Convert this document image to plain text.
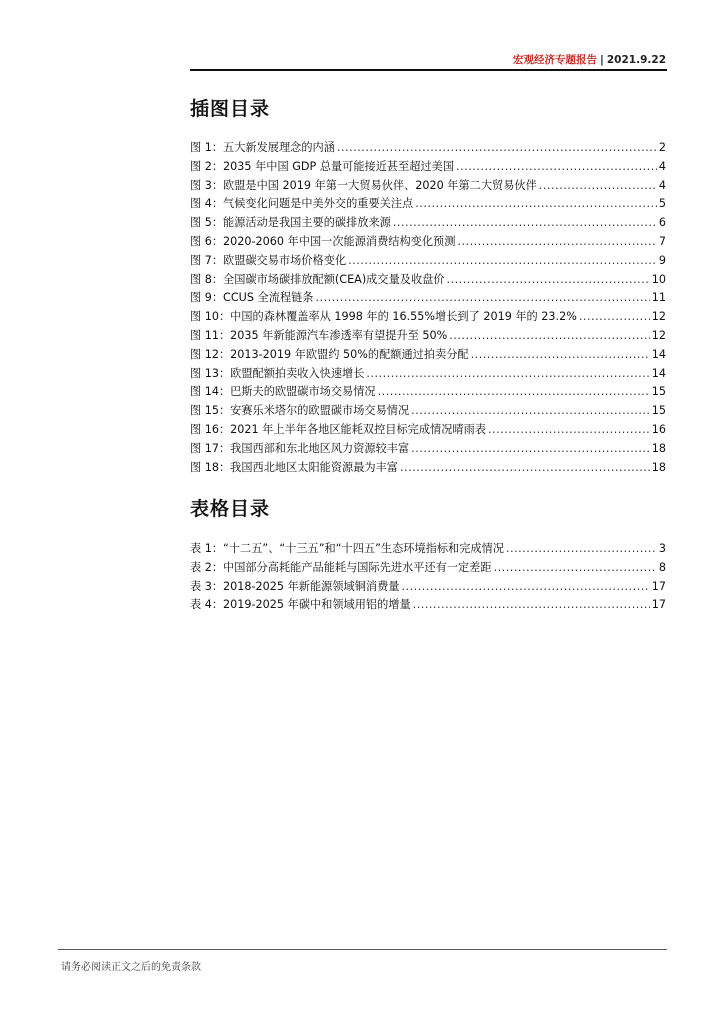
宏观经济专题报告 | 2021.9.22
插图目录
图 1：五大新发展理念的内涵 .....	2
图 2：2035 年中国 GDP 总量可能接近甚至超过美国 .....	4
图 3：欧盟是中国 2019 年第一大贸易伙伴、2020 年第二大贸易伙伴 .....	4
图 4：气候变化问题是中美外交的重要关注点 .....	5
图 5：能源活动是我国主要的碳排放来源 .....	6
图 6：2020-2060 年中国一次能源消费结构变化预测 .....	7
图 7：欧盟碳交易市场价格变化 .....	9
图 8：全国碳市场碳排放配额(CEA)成交量及收盘价 .....	10
图 9：CCUS 全流程链条 .....	11
图 10：中国的森林覆盖率从 1998 年的 16.55%增长到了 2019 年的 23.2% .....	12
图 11：2035 年新能源汽车渗透率有望提升至 50% .....	12
图 12：2013-2019 年欧盟约 50%的配额通过拍卖分配 .....	14
图 13：欧盟配额拍卖收入快速增长 .....	14
图 14：巴斯夫的欧盟碳市场交易情况 .....	15
图 15：安赛乐米塔尔的欧盟碳市场交易情况 .....	15
图 16：2021 年上半年各地区能耗双控目标完成情况晴雨表 .....	16
图 17：我国西部和东北地区风力资源较丰富 .....	18
图 18：我国西北地区太阳能资源最为丰富 .....	18
表格目录
表 1：“十二五”、“十三五”和“十四五”生态环境指标和完成情况 .....	3
表 2：中国部分高耗能产品能耗与国际先进水平还有一定差距 .....	8
表 3：2018-2025 年新能源领域铜消费量 .....	17
表 4：2019-2025 年碳中和领域用铝的增量 .....	17
请务必阅读正文之后的免责条款
